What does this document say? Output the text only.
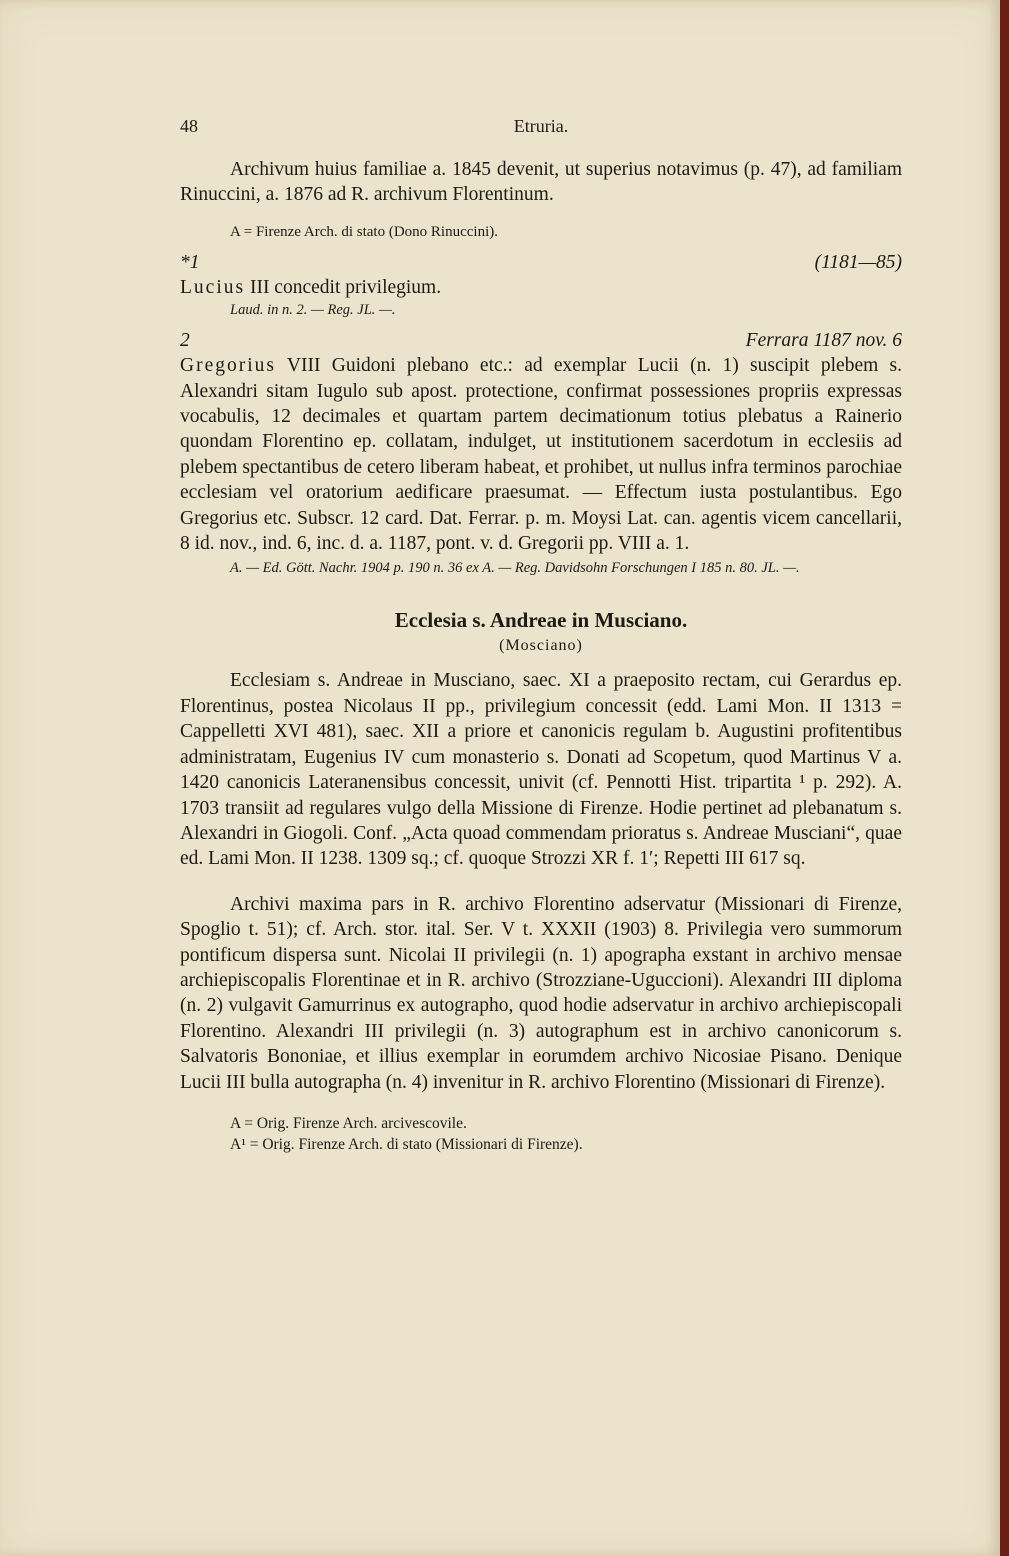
48	Etruria.

Archivum huius familiae a. 1845 devenit, ut superius notavimus (p. 47), ad familiam Rinuccini, a. 1876 ad R. archivum Florentinum.

A = Firenze Arch. di stato (Dono Rinuccini).

*1	(1181—85)

Lucius III concedit privilegium.

Laud. in n. 2. — Reg. JL. —.

2	Ferrara 1187 nov. 6

Gregorius VIII Guidoni plebano etc.: ad exemplar Lucii (n. 1) suscipit plebem s. Alexandri sitam Iugulo sub apost. protectione, confirmat possessiones propriis expressas vocabulis, 12 decimales et quartam partem decimationum totius plebatus a Rainerio quondam Florentino ep. collatam, indulget, ut institutionem sacerdotum in ecclesiis ad plebem spectantibus de cetero liberam habeat, et prohibet, ut nullus infra terminos parochiae ecclesiam vel oratorium aedificare praesumat. — Effectum iusta postulantibus. Ego Gregorius etc. Subscr. 12 card. Dat. Ferrar. p. m. Moysi Lat. can. agentis vicem cancellarii, 8 id. nov., ind. 6, inc. d. a. 1187, pont. v. d. Gregorii pp. VIII a. 1.

A. — Ed. Gött. Nachr. 1904 p. 190 n. 36 ex A. — Reg. Davidsohn Forschungen I 185 n. 80. JL. —.

Ecclesia s. Andreae in Musciano.
(Mosciano)

Ecclesiam s. Andreae in Musciano, saec. XI a praeposito rectam, cui Gerardus ep. Florentinus, postea Nicolaus II pp., privilegium concessit (edd. Lami Mon. II 1313 = Cappelletti XVI 481), saec. XII a priore et canonicis regulam b. Augustini profitentibus administratam, Eugenius IV cum monasterio s. Donati ad Scopetum, quod Martinus V a. 1420 canonicis Lateranensibus concessit, univit (cf. Pennotti Hist. tripartita ¹ p. 292). A. 1703 transiit ad regulares vulgo della Missione di Firenze. Hodie pertinet ad plebanatum s. Alexandri in Giogoli. Conf. „Acta quoad commendam prioratus s. Andreae Musciani“, quae ed. Lami Mon. II 1238. 1309 sq.; cf. quoque Strozzi XR f. 1′; Repetti III 617 sq.

Archivi maxima pars in R. archivo Florentino adservatur (Missionari di Firenze, Spoglio t. 51); cf. Arch. stor. ital. Ser. V t. XXXII (1903) 8. Privilegia vero summorum pontificum dispersa sunt. Nicolai II privilegii (n. 1) apographa exstant in archivo mensae archiepiscopalis Florentinae et in R. archivo (Strozziane-Uguccioni). Alexandri III diploma (n. 2) vulgavit Gamurrinus ex autographo, quod hodie adservatur in archivo archiepiscopali Florentino. Alexandri III privilegii (n. 3) autographum est in archivo canonicorum s. Salvatoris Bononiae, et illius exemplar in eorumdem archivo Nicosiae Pisano. Denique Lucii III bulla autographa (n. 4) invenitur in R. archivo Florentino (Missionari di Firenze).

A = Orig. Firenze Arch. arcivescovile.

A¹ = Orig. Firenze Arch. di stato (Missionari di Firenze).
